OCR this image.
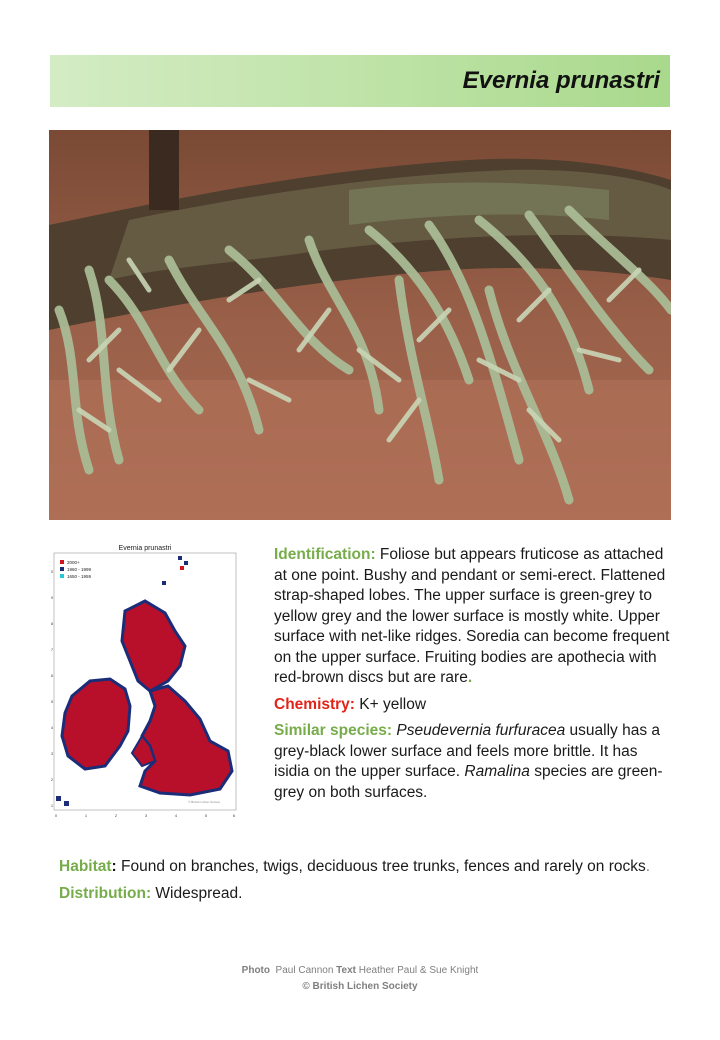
Evernia prunastri
Evernia prunastri
2000+
1960 - 1999
1650 - 1959
0	1	2	3	4	5	6
1
2
3
4
5
6
7
8
9
0
© British Lichen Society

Identification: Foliose but appears fruticose as attached at one point. Bushy and pendant or semi-erect. Flattened strap-shaped lobes. The upper surface is green-grey to yellow grey and the lower surface is mostly white. Upper surface with net-like ridges. Soredia can become frequent on the upper surface. Fruiting bodies are apothecia with red-brown discs but are rare.

Chemistry: K+ yellow

Similar species: Pseudevernia furfuracea usually has a grey-black lower surface and feels more brittle. It has isidia on the upper surface. Ramalina species are green-grey on both surfaces.

Habitat: Found on branches, twigs, deciduous tree trunks, fences and rarely on rocks.

Distribution: Widespread.

Photo  Paul Cannon Text Heather Paul & Sue Knight
© British Lichen Society
